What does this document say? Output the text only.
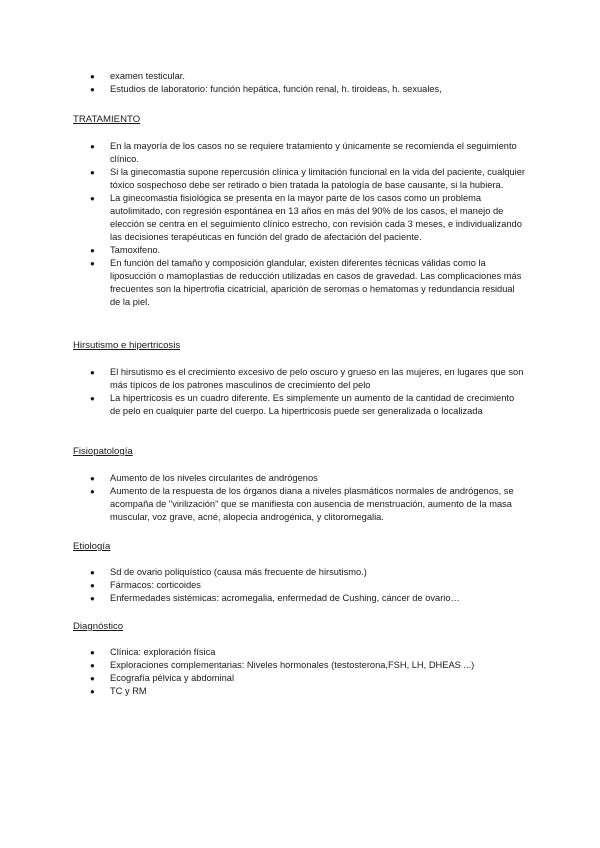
● examen testicular.
● Estudios de laboratorio: función hepática, función renal, h. tiroideas, h. sexuales,
TRATAMIENTO
● En la mayoría de los casos no se requiere tratamiento y únicamente se recomienda el seguimiento clínico.
● Si la ginecomastia supone repercusión clínica y limitación funcional en la vida del paciente, cualquier tóxico sospechoso debe ser retirado o bien tratada la patología de base causante, si la hubiera.
● La ginecomastia fisiológica se presenta en la mayor parte de los casos como un problema autolimitado, con regresión espontánea en 13 años en más del 90% de los casos, el manejo de elección se centra en el seguimiento clínico estrecho, con revisión cada 3 meses, e individualizando las decisiones terapéuticas en función del grado de afectación del paciente.
● Tamoxifeno.
● En función del tamaño y composición glandular, existen diferentes técnicas válidas como la liposucción o mamoplastias de reducción utilizadas en casos de gravedad. Las complicaciones más frecuentes son la hipertrofia cicatricial, aparición de seromas o hematomas y redundancia residual de la piel.
Hirsutismo e hipertricosis
● El hirsutismo es el crecimiento excesivo de pelo oscuro y grueso en las mujeres, en lugares que son más típicos de los patrones masculinos de crecimiento del pelo
● La hipertricosis es un cuadro diferente. Es simplemente un aumento de la cantidad de crecimiento de pelo en cualquier parte del cuerpo. La hipertricosis puede ser generalizada o localizada
Fisiopatología
● Aumento de los niveles circulantes de andrógenos
● Aumento de la respuesta de los órganos diana a niveles plasmáticos normales de andrógenos, se acompaña de "virilización" que se manifiesta con ausencia de menstruación, aumento de la masa muscular, voz grave, acné, alopecia androgénica, y clitoromegalia.
Etiología
● Sd de ovario poliquístico (causa más frecuente de hirsutismo.)
● Fármacos: corticoides
● Enfermedades sistémicas: acromegalia, enfermedad de Cushing, cáncer de ovario…
Diagnóstico
● Clínica: exploración física
● Exploraciones complementarias: Niveles hormonales (testosterona,FSH, LH, DHEAS ...)
● Ecografía pélvica y abdominal
● TC y RM
